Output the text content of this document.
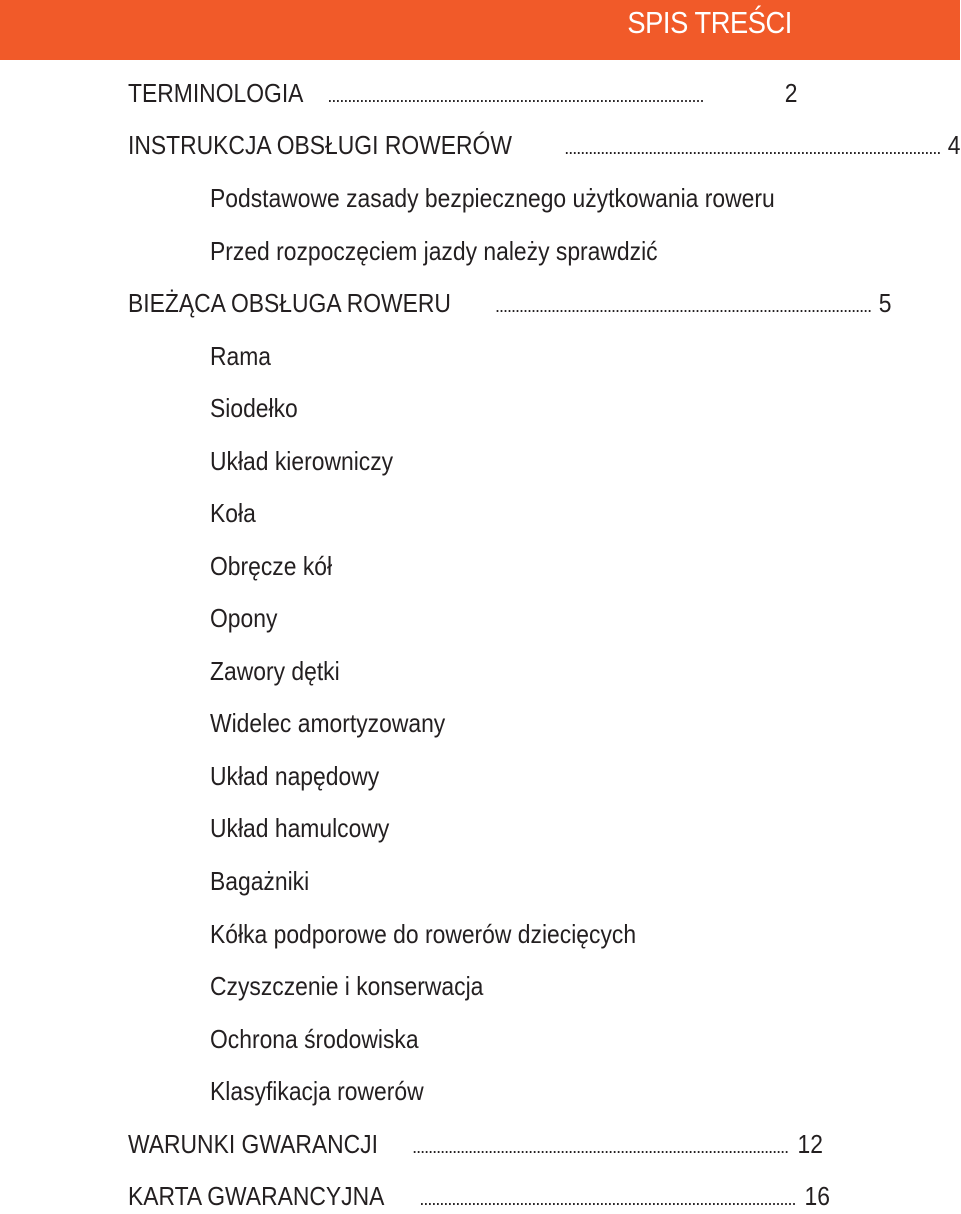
SPIS TREŚCI
TERMINOLOGIA ..............................................................................................	2
INSTRUKCJA OBSŁUGI ROWERÓW	.............................................................................................. 4
Podstawowe zasady bezpiecznego użytkowania roweru
Przed rozpoczęciem jazdy należy sprawdzić
BIEŻĄCA OBSŁUGA ROWERU .............................................................................................. 5
Rama
Siodełko
Układ kierowniczy
Koła
Obręcze kół
Opony
Zawory dętki
Widelec amortyzowany
Układ napędowy
Układ hamulcowy
Bagażniki
Kółka podporowe do rowerów dziecięcych
Czyszczenie i konserwacja
Ochrona środowiska
Klasyfikacja rowerów
WARUNKI GWARANCJI .............................................................................................. 12
KARTA GWARANCYJNA .............................................................................................. 16
